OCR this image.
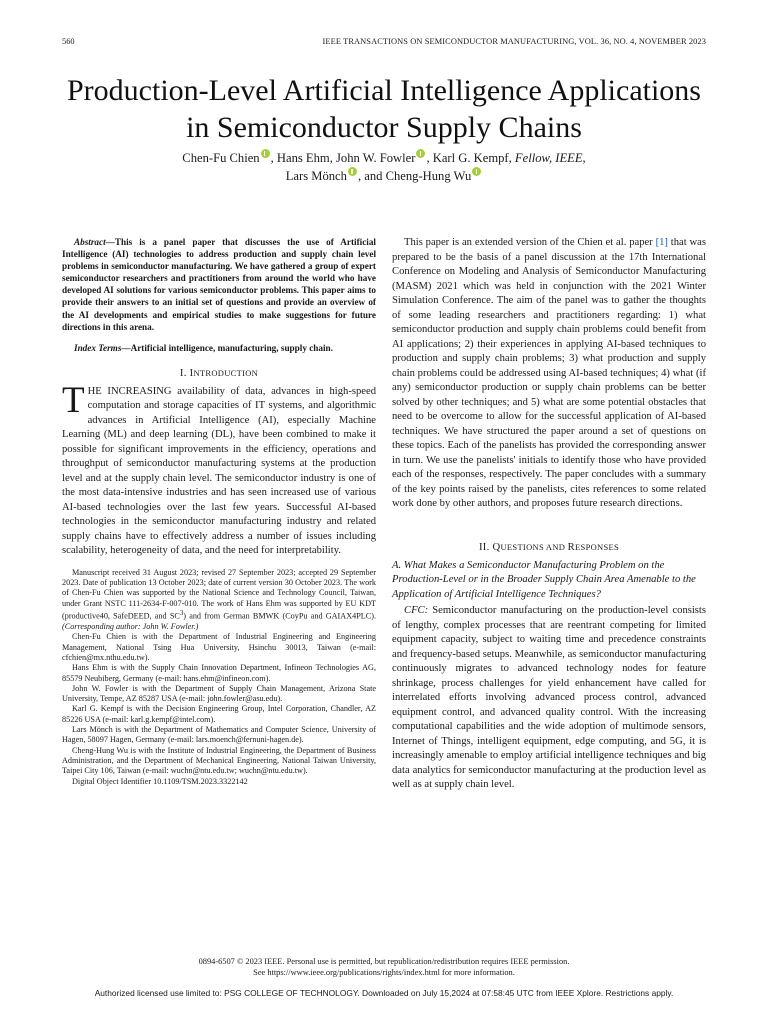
560	IEEE TRANSACTIONS ON SEMICONDUCTOR MANUFACTURING, VOL. 36, NO. 4, NOVEMBER 2023
Production-Level Artificial Intelligence Applications
in Semiconductor Supply Chains
Chen-Fu Chien , Hans Ehm, John W. Fowler , Karl G. Kempf, Fellow, IEEE,
Lars Mönch , and Cheng-Hung Wu

Abstract—This is a panel paper that discusses the use of Artificial Intelligence (AI) technologies to address production and supply chain level problems in semiconductor manufacturing. We have gathered a group of expert semiconductor researchers and practitioners from around the world who have developed AI solutions for various semiconductor problems. This paper aims to provide their answers to an initial set of questions and provide an overview of the AI developments and empirical studies to make suggestions for future directions in this arena.

Index Terms—Artificial intelligence, manufacturing, supply chain.

I. INTRODUCTION

THE INCREASING availability of data, advances in high-speed computation and storage capacities of IT systems, and algorithmic advances in Artificial Intelligence (AI), especially Machine Learning (ML) and deep learning (DL), have been combined to make it possible for significant improvements in the efficiency, operations and throughput of semiconductor manufacturing systems at the production level and at the supply chain level. The semiconductor industry is one of the most data-intensive industries and has seen increased use of various AI-based technologies over the last few years. Successful AI-based technologies in the semiconductor manufacturing industry and related supply chains have to effectively address a number of issues including scalability, heterogeneity of data, and the need for interpretability.

Manuscript received 31 August 2023; revised 27 September 2023; accepted 29 September 2023. Date of publication 13 October 2023; date of current version 30 October 2023. The work of Chen-Fu Chien was supported by the National Science and Technology Council, Taiwan, under Grant NSTC 111-2634-F-007-010. The work of Hans Ehm was supported by EU KDT (productive40, SafeDEED, and $SC^3$) and from German BMWK (CoyPu and GAIAX4PLC). (Corresponding author: John W. Fowler.)

Chen-Fu Chien is with the Department of Industrial Engineering and Engineering Management, National Tsing Hua University, Hsinchu 30013, Taiwan (e-mail: cfchien@mx.nthu.edu.tw).

Hans Ehm is with the Supply Chain Innovation Department, Infineon Technologies AG, 85579 Neubiberg, Germany (e-mail: hans.ehm@infineon.com).

John W. Fowler is with the Department of Supply Chain Management, Arizona State University, Tempe, AZ 85287 USA (e-mail: john.fowler@asu.edu).

Karl G. Kempf is with the Decision Engineering Group, Intel Corporation, Chandler, AZ 85226 USA (e-mail: karl.g.kempf@intel.com).

Lars Mönch is with the Department of Mathematics and Computer Science, University of Hagen, 58097 Hagen, Germany (e-mail: lars.moench@fernuni-hagen.de).

Cheng-Hung Wu is with the Institute of Industrial Engineering, the Department of Business Administration, and the Department of Mechanical Engineering, National Taiwan University, Taipei City 106, Taiwan (e-mail: wuchn@ntu.edu.tw; wuchn@ntu.edu.tw).

Digital Object Identifier 10.1109/TSM.2023.3322142

This paper is an extended version of the Chien et al. paper [1] that was prepared to be the basis of a panel discussion at the 17th International Conference on Modeling and Analysis of Semiconductor Manufacturing (MASM) 2021 which was held in conjunction with the 2021 Winter Simulation Conference. The aim of the panel was to gather the thoughts of some leading researchers and practitioners regarding: 1) what semiconductor production and supply chain problems could benefit from AI applications; 2) their experiences in applying AI-based techniques to production and supply chain problems; 3) what production and supply chain problems could be addressed using AI-based techniques; 4) what (if any) semiconductor production or supply chain problems can be better solved by other techniques; and 5) what are some potential obstacles that need to be overcome to allow for the successful application of AI-based techniques. We have structured the paper around a set of questions on these topics. Each of the panelists has provided the corresponding answer in turn. We use the panelists' initials to identify those who have provided each of the responses, respectively. The paper concludes with a summary of the key points raised by the panelists, cites references to some related work done by other authors, and proposes future research directions.

II. QUESTIONS AND RESPONSES

A. What Makes a Semiconductor Manufacturing Problem on the Production-Level or in the Broader Supply Chain Area Amenable to the Application of Artificial Intelligence Techniques?

CFC: Semiconductor manufacturing on the production-level consists of lengthy, complex processes that are reentrant competing for limited equipment capacity, subject to waiting time and precedence constraints and frequency-based setups. Meanwhile, as semiconductor manufacturing continuously migrates to advanced technology nodes for feature shrinkage, process challenges for yield enhancement have called for interrelated efforts involving advanced process control, advanced equipment control, and advanced quality control. With the increasing computational capabilities and the wide adoption of multimode sensors, Internet of Things, intelligent equipment, edge computing, and 5G, it is increasingly amenable to employ artificial intelligence techniques and big data analytics for semiconductor manufacturing at the production level as well as at supply chain level.

0894-6507 © 2023 IEEE. Personal use is permitted, but republication/redistribution requires IEEE permission.
See https://www.ieee.org/publications/rights/index.html for more information.
Authorized licensed use limited to: PSG COLLEGE OF TECHNOLOGY. Downloaded on July 15,2024 at 07:58:45 UTC from IEEE Xplore. Restrictions apply.
